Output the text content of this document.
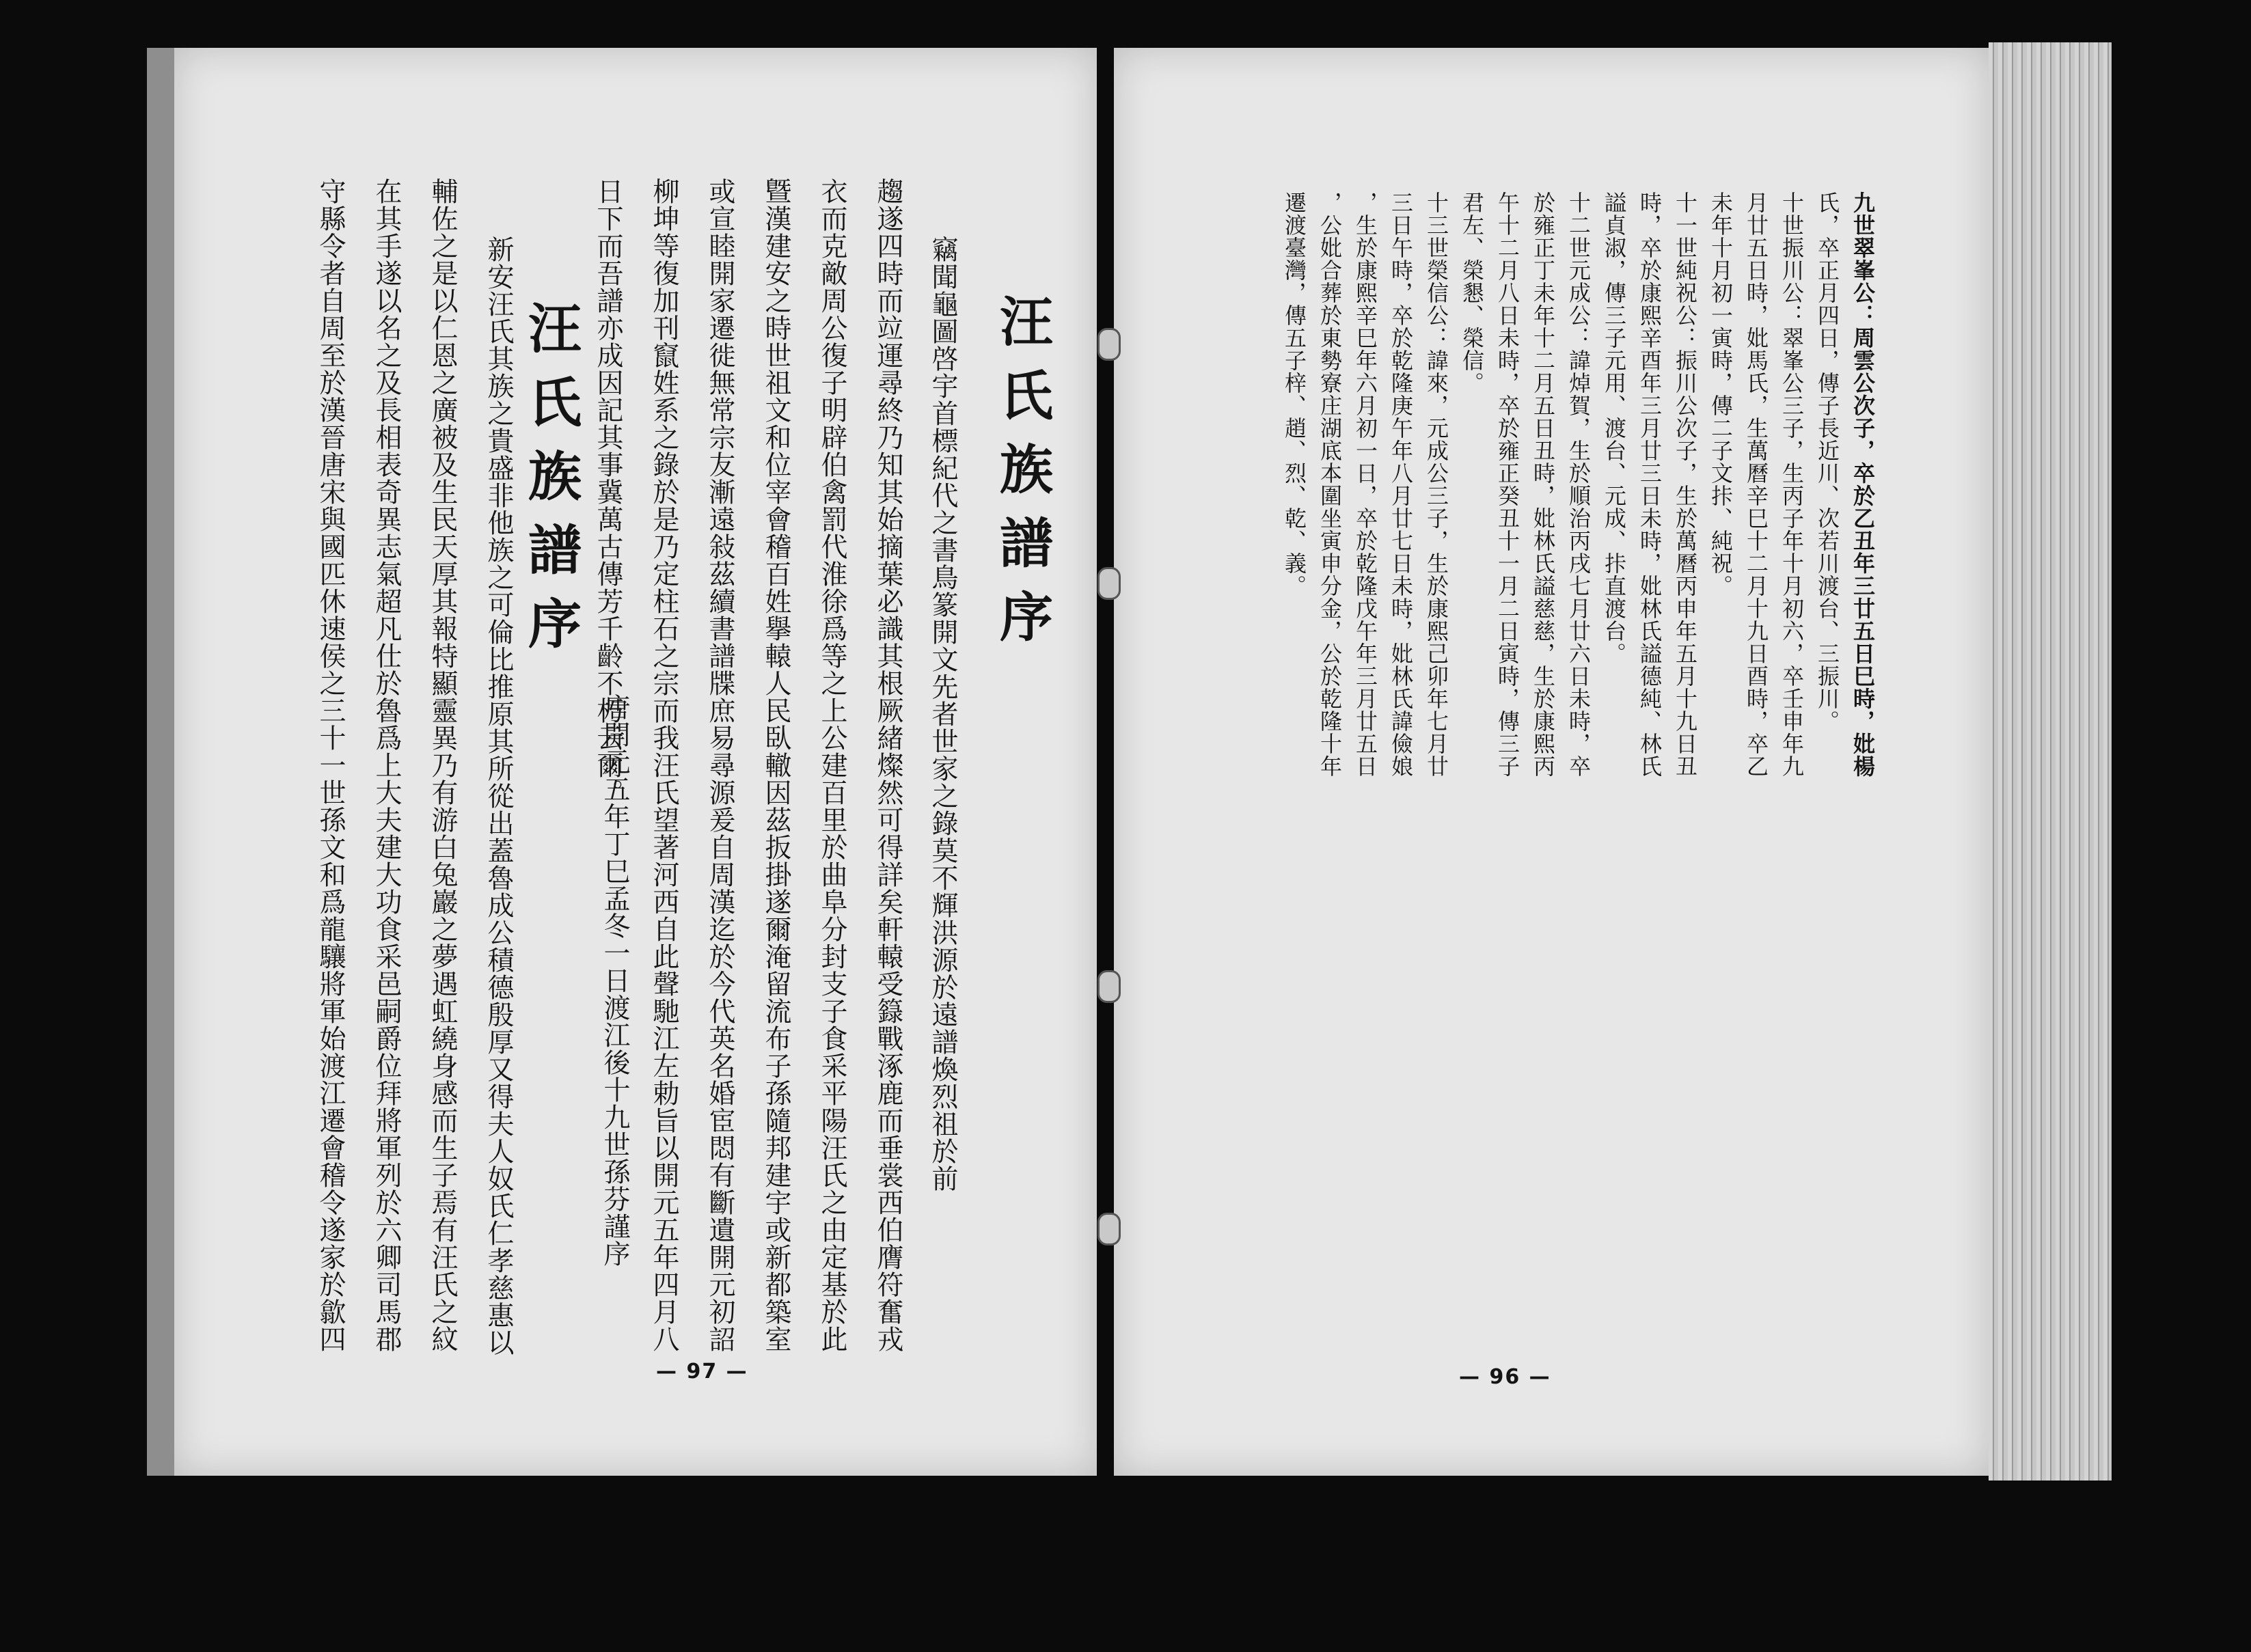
汪氏族譜序
竊聞龜圖啓宇首標紀代之書鳥篆開文先者世家之錄莫不輝洪源於遠譜煥烈祖於前
趨遂四時而竝運尋終乃知其始摘葉必識其根厥緒燦然可得詳矣軒轅受籙戰涿鹿而垂裳西伯膺符奮戎
衣而克敵周公復子明辟伯禽罰代淮徐爲等之上公建百里於曲阜分封支子食采平陽汪氏之由定基於此
曁漢建安之時世祖文和位宰會稽百姓擧轅人民臥轍因茲扳掛遂爾淹留流布子孫隨邦建宇或新都築室
或宣睦開家遷徙無常宗友漸遠敍茲續書譜牒庶易尋源爰自周漢迄於今代英名婚宦悶有斷遺開元初詔
柳坤等復加刊竄姓系之錄於是乃定柱石之宗而我汪氏望著河西自此聲馳江左勅旨以開元五年四月八
日下而吾譜亦成因記其事冀萬古傳芳千齡不朽云爾。
唐開元五年丁巳孟冬一日渡江後十九世孫芬謹序
汪氏族譜序
新安汪氏其族之貴盛非他族之可倫比推原其所從出蓋魯成公積德殷厚又得夫人奴氏仁孝慈惠以
輔佐之是以仁恩之廣被及生民天厚其報特顯靈異乃有游白兔巖之夢遇虹繞身感而生子焉有汪氏之紋
在其手遂以名之及長相表奇異志氣超凡仕於魯爲上大夫建大功食采邑嗣爵位拜將軍列於六卿司馬郡
守縣令者自周至於漢晉唐宋與國匹休速侯之三十一世孫文和爲龍驤將軍始渡江遷會稽令遂家於歙四
— 97 —
九世翠峯公：周雲公次子，卒於乙丑年三廿五日巳時，妣楊
氏，卒正月四日，傳子長近川、次若川渡台、三振川。
十世振川公：翠峯公三子，生丙子年十月初六，卒壬申年九
月廿五日時，妣馬氏，生萬曆辛巳十二月十九日酉時，卒乙
未年十月初一寅時，傳二子文拤、純祝。
十一世純祝公：振川公次子，生於萬曆丙申年五月十九日丑
時，卒於康熙辛酉年三月廿三日未時，妣林氏謚德純、林氏
謚貞淑，傳三子元用、渡台、元成、拤直渡台。
十二世元成公：諱焯賀，生於順治丙戌七月廿六日未時，卒
於雍正丁未年十二月五日丑時，妣林氏謚慈慈，生於康熙丙
午十二月八日未時，卒於雍正癸丑十一月二日寅時，傳三子
君左、榮懇、榮信。
十三世榮信公：諱來，元成公三子，生於康熙己卯年七月廿
三日午時，卒於乾隆庚午年八月廿七日未時，妣林氏諱儉娘
，生於康熙辛巳年六月初一日，卒於乾隆戊午年三月廿五日
，公妣合葬於東勢寮庄湖底本圍坐寅申分金，公於乾隆十年
遷渡臺灣，傳五子梓、趙、烈、乾、義。
— 96 —
